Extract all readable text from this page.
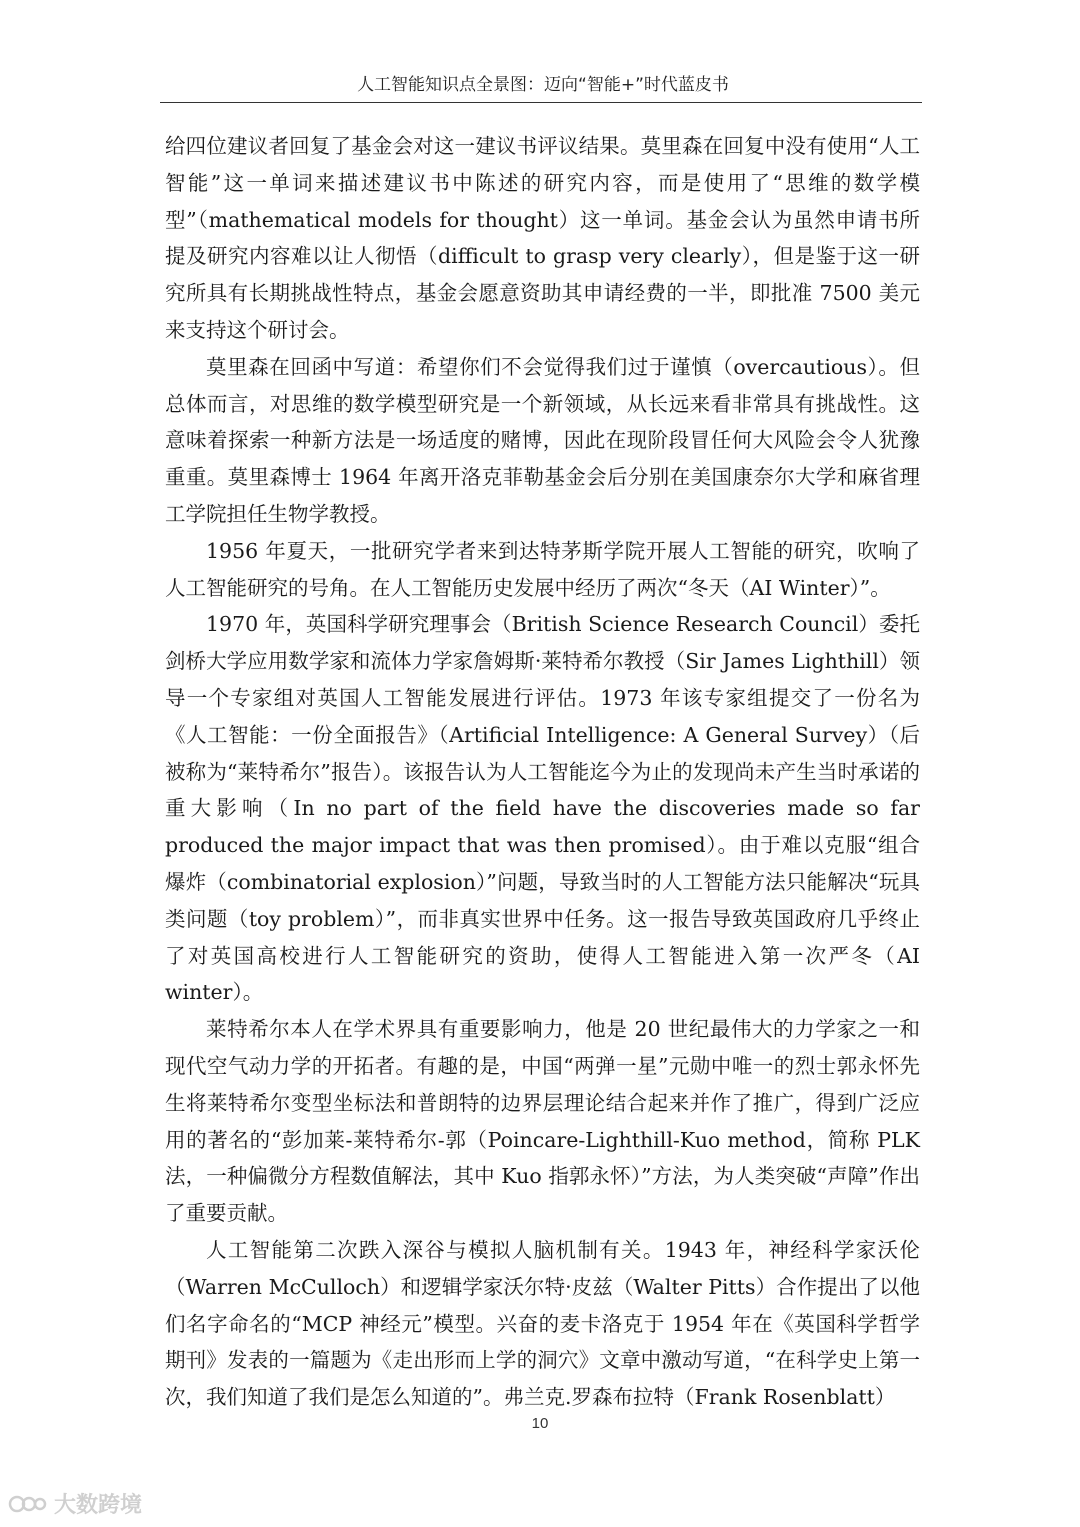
人工智能知识点全景图：迈向“智能+”时代蓝皮书

给四位建议者回复了基金会对这一建议书评议结果。莫里森在回复中没有使用“人工智能”这一单词来描述建议书中陈述的研究内容，而是使用了“思维的数学模型”（mathematical models for thought）这一单词。基金会认为虽然申请书所提及研究内容难以让人彻悟（difficult to grasp very clearly），但是鉴于这一研究所具有长期挑战性特点，基金会愿意资助其申请经费的一半，即批准 7500 美元来支持这个研讨会。

莫里森在回函中写道：希望你们不会觉得我们过于谨慎（overcautious）。但总体而言，对思维的数学模型研究是一个新领域，从长远来看非常具有挑战性。这意味着探索一种新方法是一场适度的赌博，因此在现阶段冒任何大风险会令人犹豫重重。莫里森博士 1964 年离开洛克菲勒基金会后分别在美国康奈尔大学和麻省理工学院担任生物学教授。

1956 年夏天，一批研究学者来到达特茅斯学院开展人工智能的研究，吹响了人工智能研究的号角。在人工智能历史发展中经历了两次“冬天（AI Winter）”。

1970 年，英国科学研究理事会（British Science Research Council）委托剑桥大学应用数学家和流体力学家詹姆斯·莱特希尔教授（Sir James Lighthill）领导一个专家组对英国人工智能发展进行评估。1973 年该专家组提交了一份名为《人工智能：一份全面报告》（Artificial Intelligence: A General Survey）（后被称为“莱特希尔”报告）。该报告认为人工智能迄今为止的发现尚未产生当时承诺的重大影响（In no part of the field have the discoveries made so far produced the major impact that was then promised）。由于难以克服“组合爆炸（combinatorial explosion）”问题，导致当时的人工智能方法只能解决“玩具类问题（toy problem）”，而非真实世界中任务。这一报告导致英国政府几乎终止了对英国高校进行人工智能研究的资助，使得人工智能进入第一次严冬（AI winter）。

莱特希尔本人在学术界具有重要影响力，他是 20 世纪最伟大的力学家之一和现代空气动力学的开拓者。有趣的是，中国“两弹一星”元勋中唯一的烈士郭永怀先生将莱特希尔变型坐标法和普朗特的边界层理论结合起来并作了推广，得到广泛应用的著名的“彭加莱-莱特希尔-郭（Poincare-Lighthill-Kuo method，简称 PLK 法，一种偏微分方程数值解法，其中 Kuo 指郭永怀）”方法，为人类突破“声障”作出了重要贡献。

人工智能第二次跌入深谷与模拟人脑机制有关。1943 年，神经科学家沃伦（Warren McCulloch）和逻辑学家沃尔特·皮兹（Walter Pitts）合作提出了以他们名字命名的“MCP 神经元”模型。兴奋的麦卡洛克于 1954 年在《英国科学哲学期刊》发表的一篇题为《走出形而上学的洞穴》文章中激动写道，“在科学史上第一次，我们知道了我们是怎么知道的”。弗兰克.罗森布拉特（Frank Rosenblatt）

10
大数跨境
